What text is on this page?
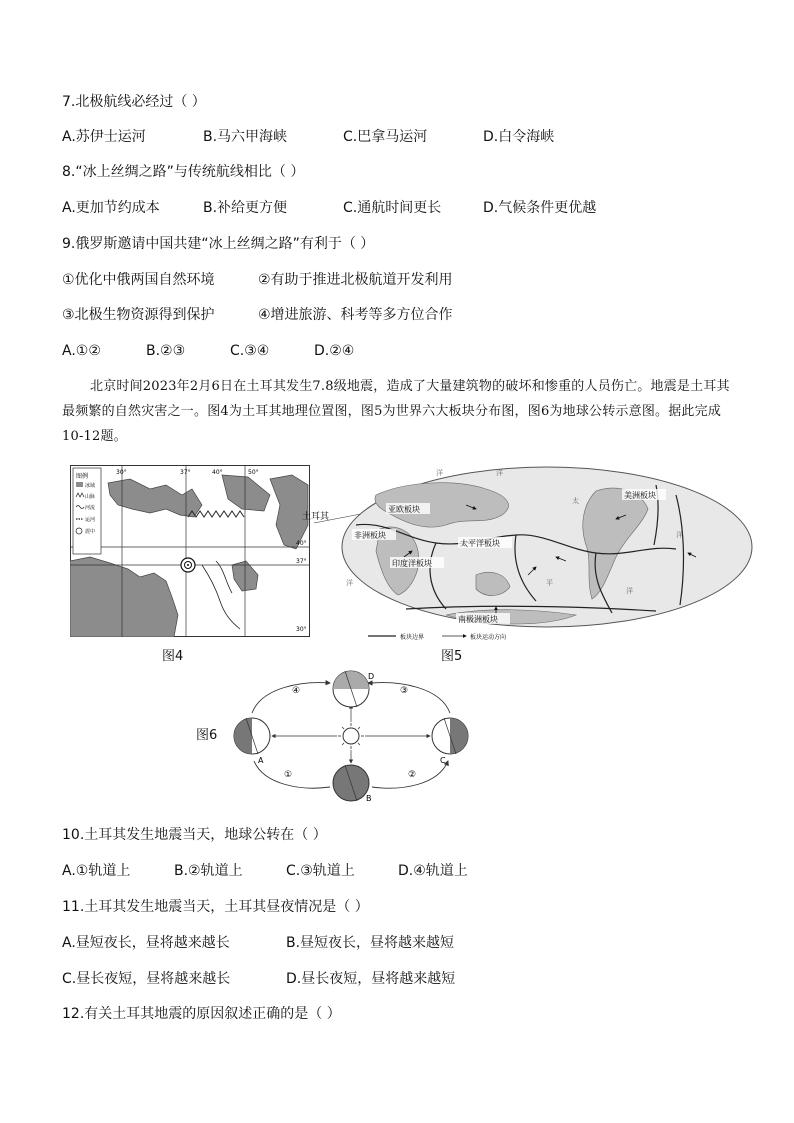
7.北极航线必经过（ ）
A.苏伊士运河	B.马六甲海峡	C.巴拿马运河	D.白令海峡
8.“冰上丝绸之路”与传统航线相比（ ）
A.更加节约成本	B.补给更方便	C.通航时间更长	D.气候条件更优越
9.俄罗斯邀请中国共建“冰上丝绸之路”有利于（ ）
①优化中俄两国自然环境	②有助于推进北极航道开发利用
③北极生物资源得到保护	④增进旅游、科考等多方位合作
A.①②	B.②③	C.③④	D.②④

北京时间2023年2月6日在土耳其发生7.8级地震，造成了大量建筑物的破坏和惨重的人员伤亡。地震是土耳其最频繁的自然灾害之一。图4为土耳其地理位置图，图5为世界六大板块分布图，图6为地球公转示意图。据此完成10-12题。

图例
冰域
山脉
河流
运河
震中
30°	37°	40°	50°
40°
37°
30°
图4
土耳其
亚欧板块
美洲板块
非洲板块
太平洋板块
印度洋板块
南极洲板块
洋	洋
太
洋
洋	平
洋
板块边界	板块运动方向
图5
图6
A
B
C
D
①	②
③
④
10.土耳其发生地震当天，地球公转在（ ）
A.①轨道上	B.②轨道上	C.③轨道上	D.④轨道上
11.土耳其发生地震当天，土耳其昼夜情况是（ ）
A.昼短夜长，昼将越来越长	B.昼短夜长，昼将越来越短
C.昼长夜短，昼将越来越长	D.昼长夜短，昼将越来越短
12.有关土耳其地震的原因叙述正确的是（ ）
